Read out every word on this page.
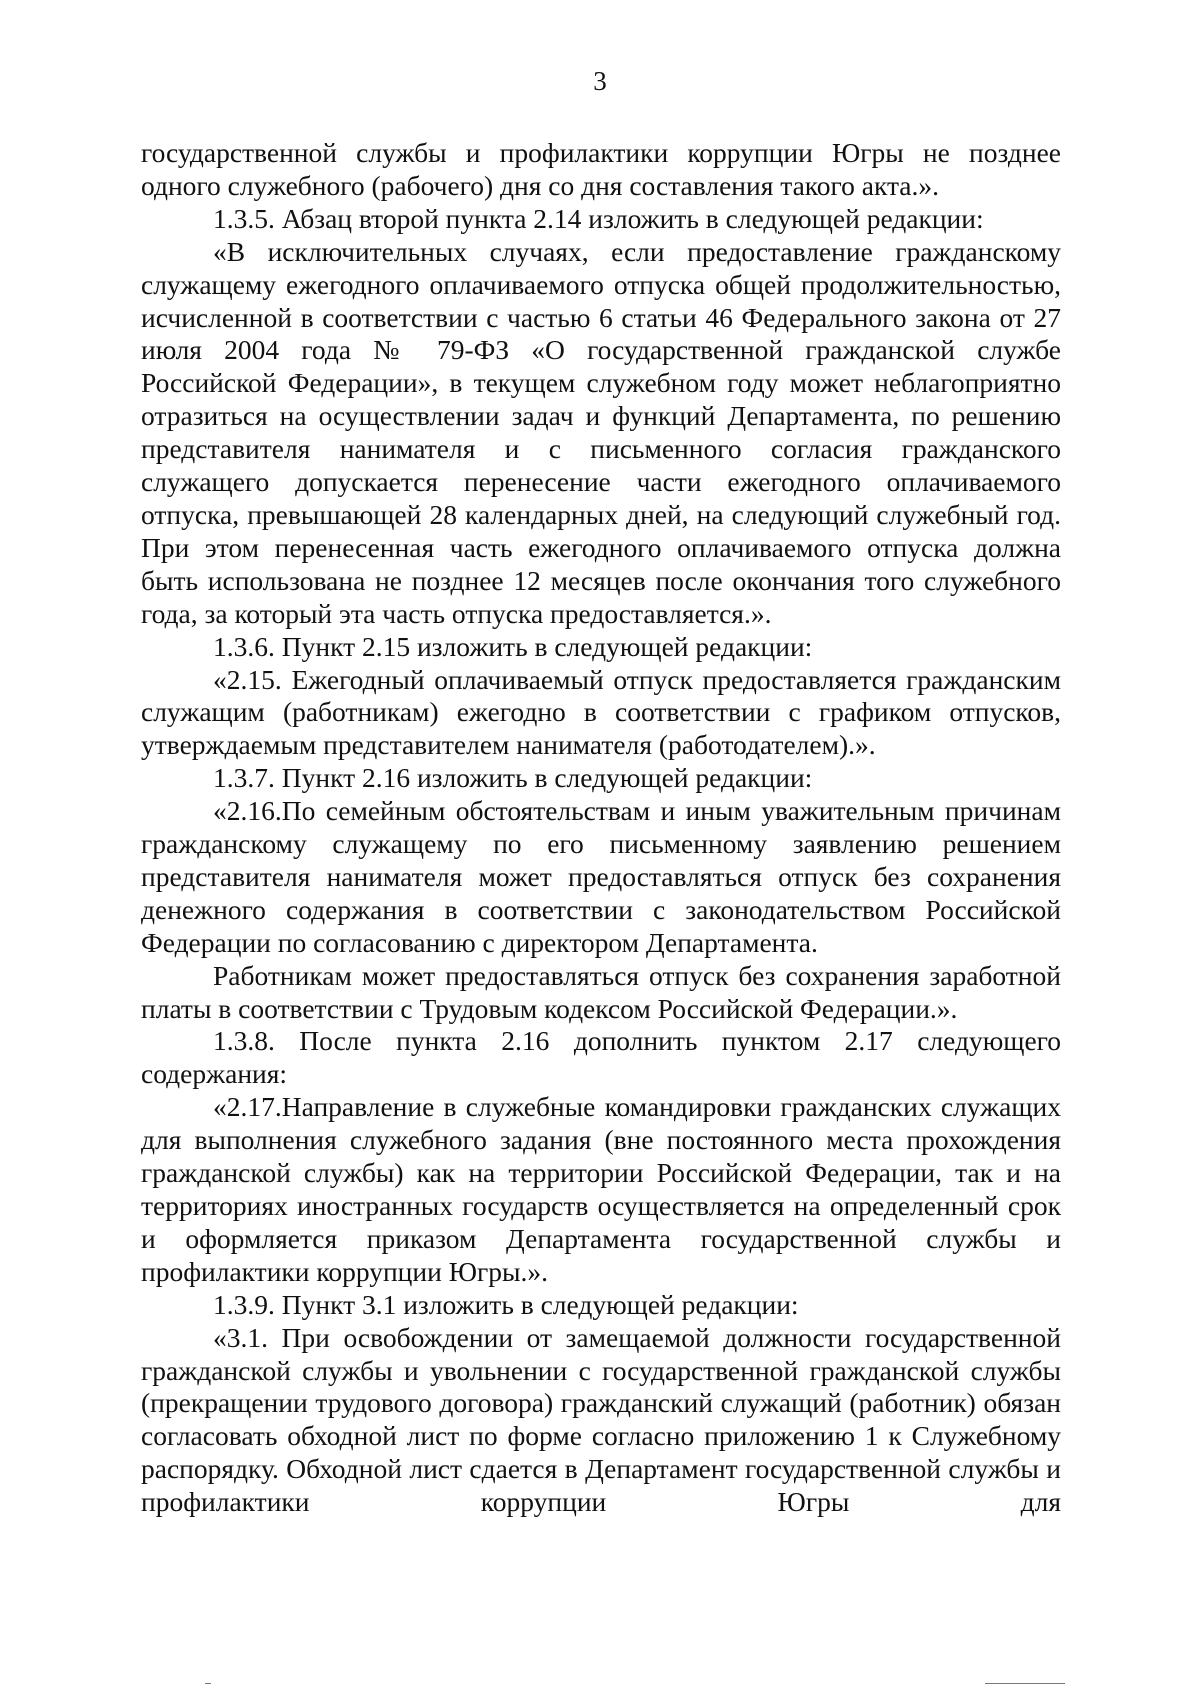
3

государственной службы и профилактики коррупции Югры не позднее одного служебного (рабочего) дня со дня составления такого акта.».

1.3.5. Абзац второй пункта 2.14 изложить в следующей редакции:

«В исключительных случаях, если предоставление гражданскому служащему ежегодного оплачиваемого отпуска общей продолжительностью, исчисленной в соответствии с частью 6 статьи 46 Федерального закона от 27 июля 2004 года № 79-ФЗ «О государственной гражданской службе Российской Федерации», в текущем служебном году может неблагоприятно отразиться на осуществлении задач и функций Департамента, по решению представителя нанимателя и с письменного согласия гражданского служащего допускается перенесение части ежегодного оплачиваемого отпуска, превышающей 28 календарных дней, на следующий служебный год. При этом перенесенная часть ежегодного оплачиваемого отпуска должна быть использована не позднее 12 месяцев после окончания того служебного года, за который эта часть отпуска предоставляется.».

1.3.6. Пункт 2.15 изложить в следующей редакции:

«2.15. Ежегодный оплачиваемый отпуск предоставляется гражданским служащим (работникам) ежегодно в соответствии с графиком отпусков, утверждаемым представителем нанимателя (работодателем).».

1.3.7. Пункт 2.16 изложить в следующей редакции:

«2.16.По семейным обстоятельствам и иным уважительным причинам гражданскому служащему по его письменному заявлению решением представителя нанимателя может предоставляться отпуск без сохранения денежного содержания в соответствии с законодательством Российской Федерации по согласованию с директором Департамента.

Работникам может предоставляться отпуск без сохранения заработной платы в соответствии с Трудовым кодексом Российской Федерации.».

1.3.8. После пункта 2.16 дополнить пунктом 2.17 следующего содержания:

«2.17.Направление в служебные командировки гражданских служащих для выполнения служебного задания (вне постоянного места прохождения гражданской службы) как на территории Российской Федерации, так и на территориях иностранных государств осуществляется на определенный срок и оформляется приказом Департамента государственной службы и профилактики коррупции Югры.».

1.3.9. Пункт 3.1 изложить в следующей редакции:

«3.1. При освобождении от замещаемой должности государственной гражданской службы и увольнении с государственной гражданской службы (прекращении трудового договора) гражданский служащий (работник) обязан согласовать обходной лист по форме согласно приложению 1 к Служебному распорядку. Обходной лист сдается в Департамент государственной службы и профилактики коррупции Югры для
